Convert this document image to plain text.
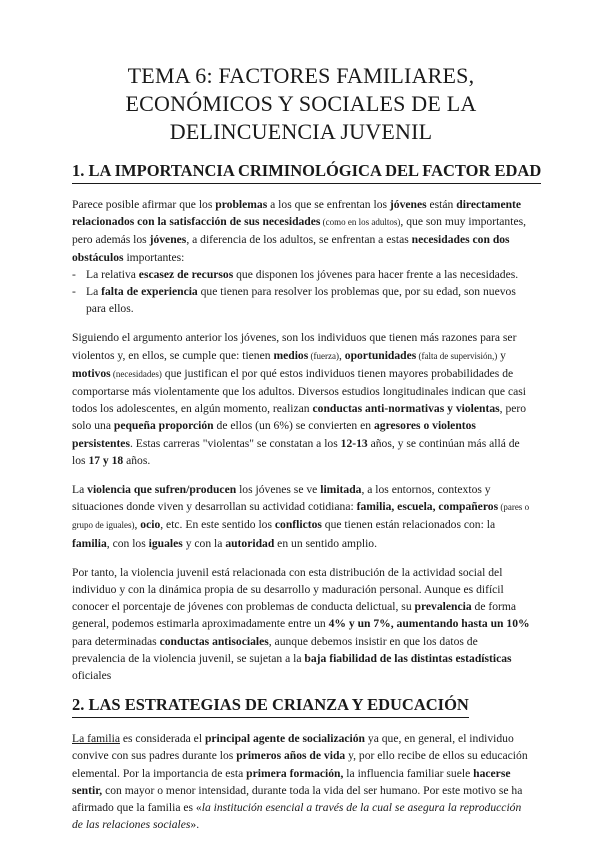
TEMA 6: FACTORES FAMILIARES,
ECONÓMICOS Y SOCIALES DE LA
DELINCUENCIA JUVENIL
1. LA IMPORTANCIA CRIMINOLÓGICA DEL FACTOR EDAD

Parece posible afirmar que los problemas a los que se enfrentan los jóvenes están directamente relacionados con la satisfacción de sus necesidades (como en los adultos), que son muy importantes, pero además los jóvenes, a diferencia de los adultos, se enfrentan a estas necesidades con dos obstáculos importantes:

- La relativa escasez de recursos que disponen los jóvenes para hacer frente a las necesidades.
- La falta de experiencia que tienen para resolver los problemas que, por su edad, son nuevos para ellos.

Siguiendo el argumento anterior los jóvenes, son los individuos que tienen más razones para ser violentos y, en ellos, se cumple que: tienen medios (fuerza), oportunidades (falta de supervisión,) y motivos (necesidades) que justifican el por qué estos individuos tienen mayores probabilidades de comportarse más violentamente que los adultos. Diversos estudios longitudinales indican que casi todos los adolescentes, en algún momento, realizan conductas anti-normativas y violentas, pero solo una pequeña proporción de ellos (un 6%) se convierten en agresores o violentos persistentes. Estas carreras "violentas" se constatan a los 12-13 años, y se continúan más allá de los 17 y 18 años.

La violencia que sufren/producen los jóvenes se ve limitada, a los entornos, contextos y situaciones donde viven y desarrollan su actividad cotidiana: familia, escuela, compañeros (pares o grupo de iguales), ocio, etc. En este sentido los conflictos que tienen están relacionados con: la familia, con los iguales y con la autoridad en un sentido amplio.

Por tanto, la violencia juvenil está relacionada con esta distribución de la actividad social del individuo y con la dinámica propia de su desarrollo y maduración personal. Aunque es difícil conocer el porcentaje de jóvenes con problemas de conducta delictual, su prevalencia de forma general, podemos estimarla aproximadamente entre un 4% y un 7%, aumentando hasta un 10% para determinadas conductas antisociales, aunque debemos insistir en que los datos de prevalencia de la violencia juvenil, se sujetan a la baja fiabilidad de las distintas estadísticas oficiales

2. LAS ESTRATEGIAS DE CRIANZA Y EDUCACIÓN

La familia es considerada el principal agente de socialización ya que, en general, el individuo convive con sus padres durante los primeros años de vida y, por ello recibe de ellos su educación elemental. Por la importancia de esta primera formación, la influencia familiar suele hacerse sentir, con mayor o menor intensidad, durante toda la vida del ser humano. Por este motivo se ha afirmado que la familia es «la institución esencial a través de la cual se asegura la reproducción de las relaciones sociales».
